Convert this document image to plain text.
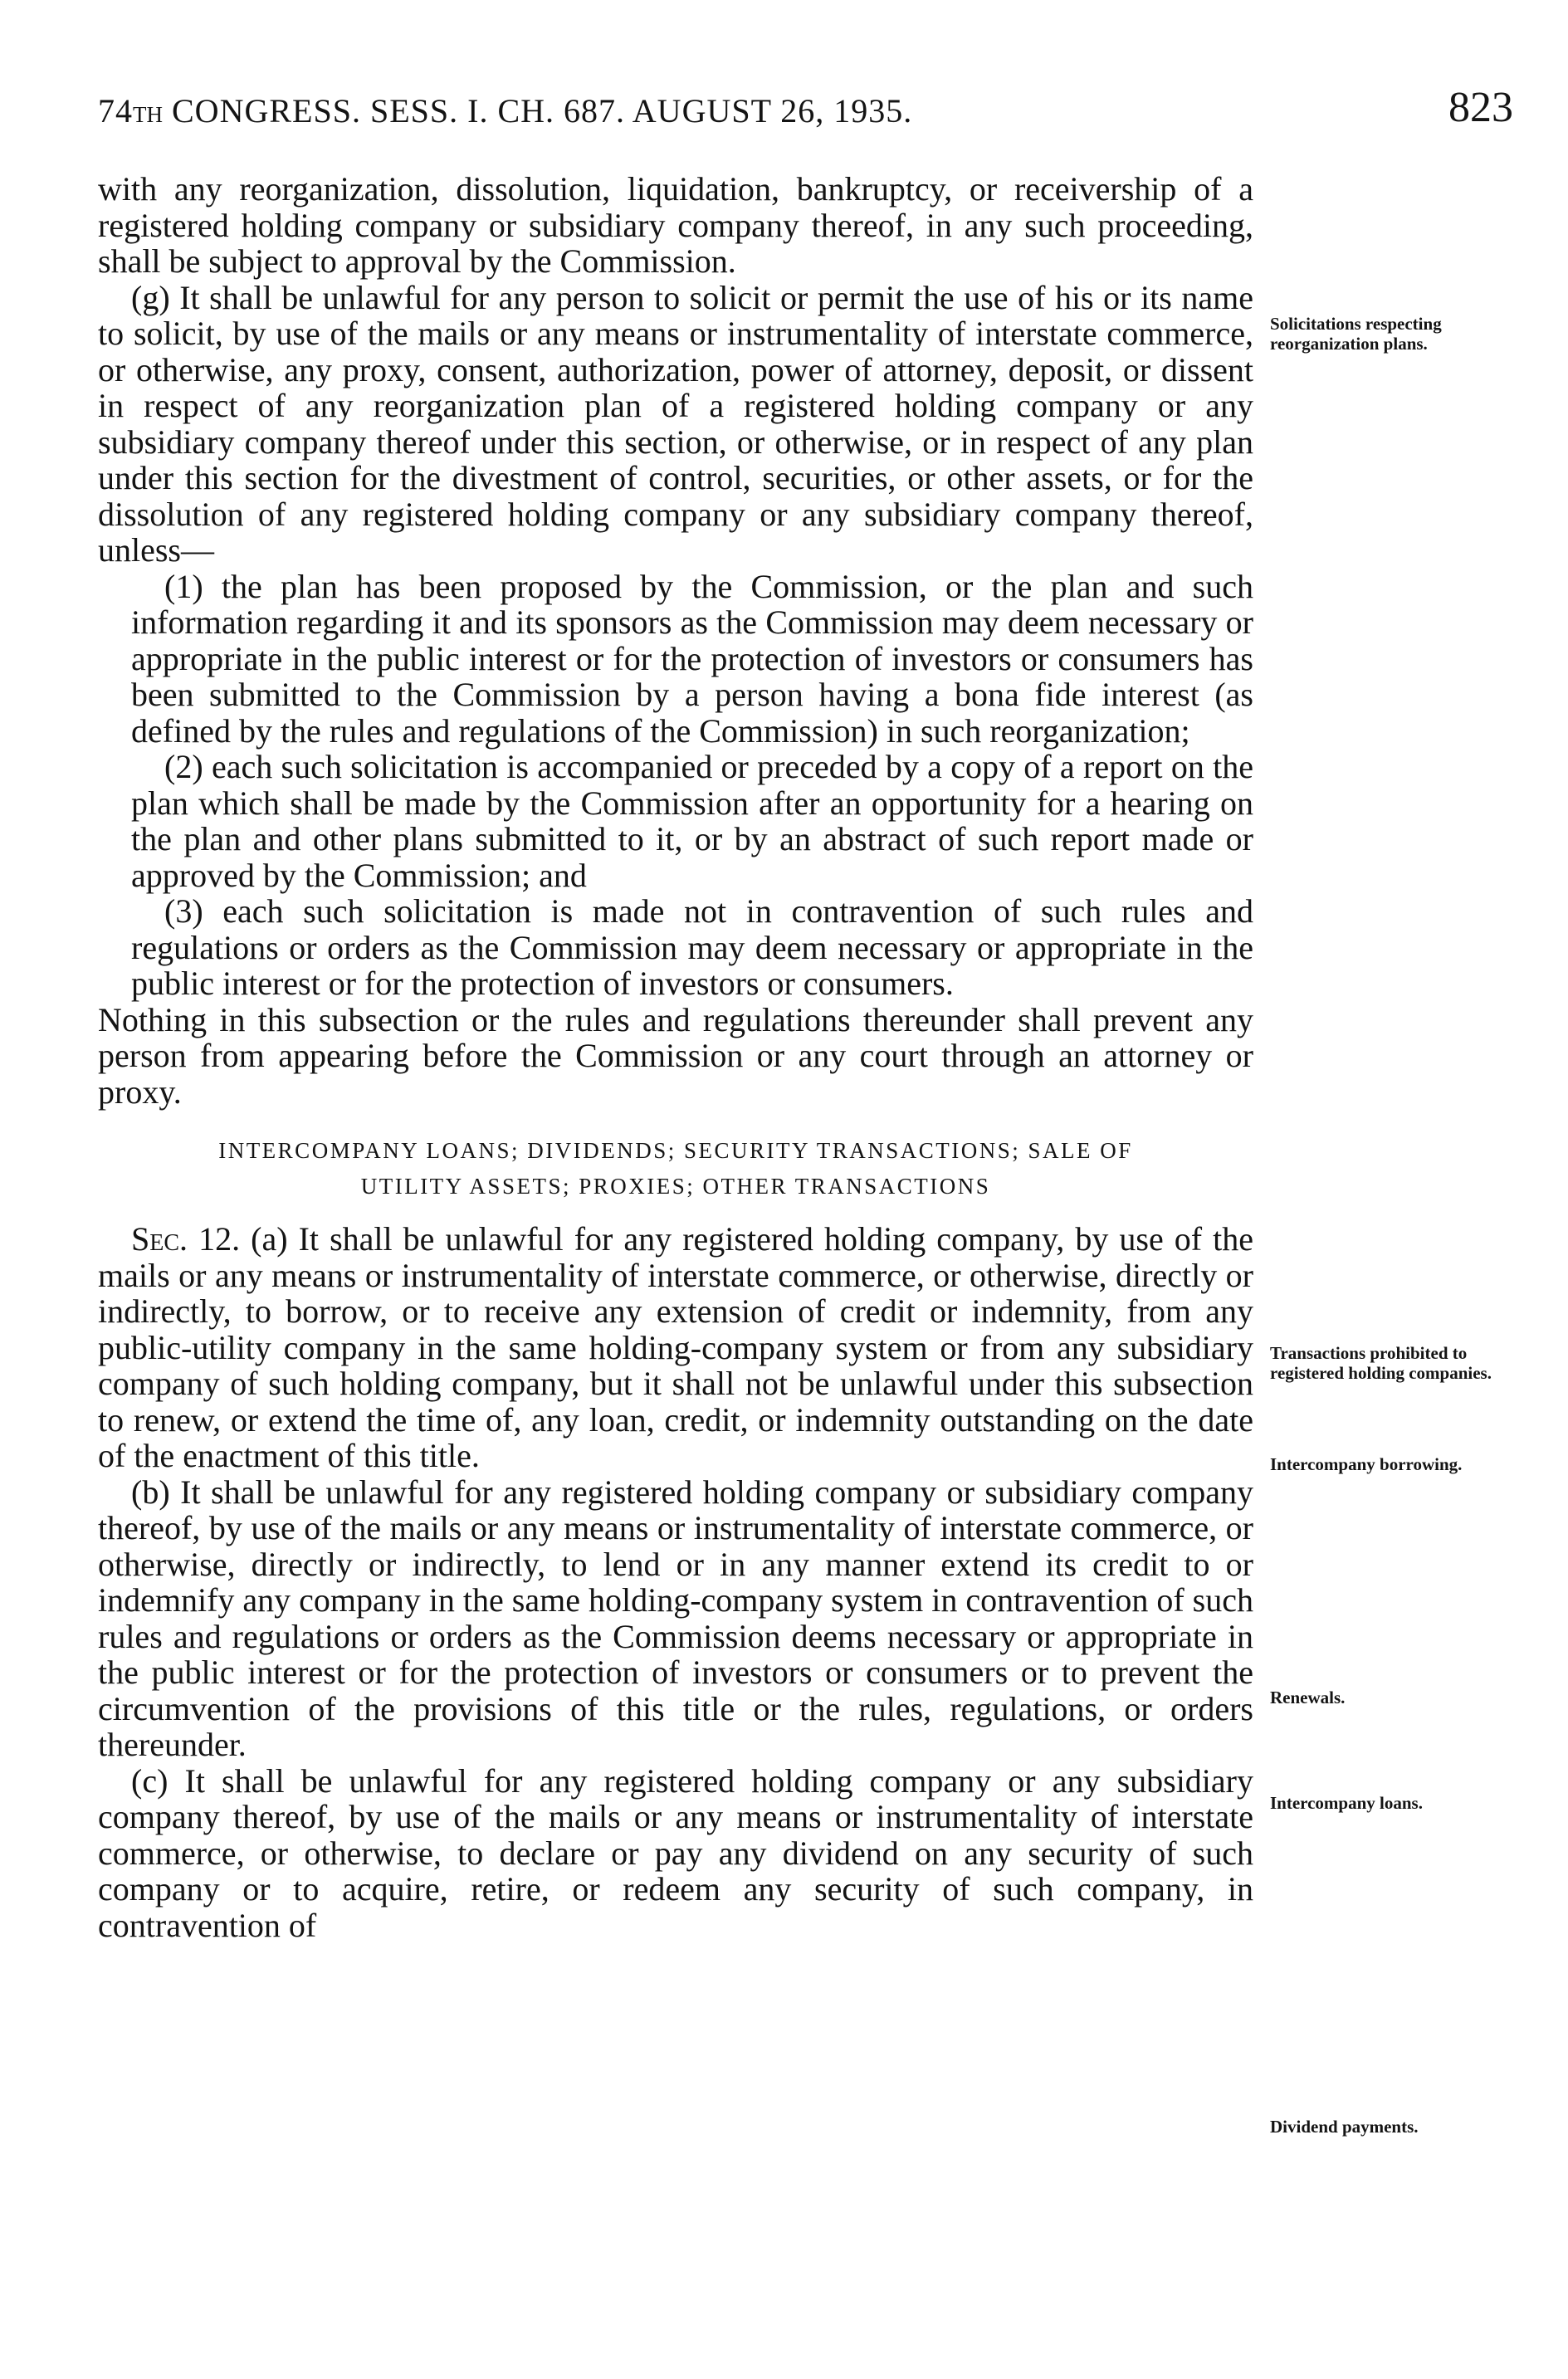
74TH CONGRESS. SESS. I. CH. 687. AUGUST 26, 1935.	823

with any reorganization, dissolution, liquidation, bankruptcy, or receivership of a registered holding company or subsidiary company thereof, in any such proceeding, shall be subject to approval by the Commission.

(g) It shall be unlawful for any person to solicit or permit the use of his or its name to solicit, by use of the mails or any means or instrumentality of interstate commerce, or otherwise, any proxy, consent, authorization, power of attorney, deposit, or dissent in respect of any reorganization plan of a registered holding company or any subsidiary company thereof under this section, or otherwise, or in respect of any plan under this section for the divestment of control, securities, or other assets, or for the dissolution of any registered holding company or any subsidiary company thereof, unless—

(1) the plan has been proposed by the Commission, or the plan and such information regarding it and its sponsors as the Commission may deem necessary or appropriate in the public interest or for the protection of investors or consumers has been submitted to the Commission by a person having a bona fide interest (as defined by the rules and regulations of the Commission) in such reorganization;

(2) each such solicitation is accompanied or preceded by a copy of a report on the plan which shall be made by the Commission after an opportunity for a hearing on the plan and other plans submitted to it, or by an abstract of such report made or approved by the Commission; and

(3) each such solicitation is made not in contravention of such rules and regulations or orders as the Commission may deem necessary or appropriate in the public interest or for the protection of investors or consumers.

Nothing in this subsection or the rules and regulations thereunder shall prevent any person from appearing before the Commission or any court through an attorney or proxy.

INTERCOMPANY LOANS; DIVIDENDS; SECURITY TRANSACTIONS; SALE OF
UTILITY ASSETS; PROXIES; OTHER TRANSACTIONS

Sec. 12. (a) It shall be unlawful for any registered holding company, by use of the mails or any means or instrumentality of interstate commerce, or otherwise, directly or indirectly, to borrow, or to receive any extension of credit or indemnity, from any public-utility company in the same holding-company system or from any subsidiary company of such holding company, but it shall not be unlawful under this subsection to renew, or extend the time of, any loan, credit, or indemnity outstanding on the date of the enactment of this title.

(b) It shall be unlawful for any registered holding company or subsidiary company thereof, by use of the mails or any means or instrumentality of interstate commerce, or otherwise, directly or indirectly, to lend or in any manner extend its credit to or indemnify any company in the same holding-company system in contravention of such rules and regulations or orders as the Commission deems necessary or appropriate in the public interest or for the protection of investors or consumers or to prevent the circumvention of the provisions of this title or the rules, regulations, or orders thereunder.

(c) It shall be unlawful for any registered holding company or any subsidiary company thereof, by use of the mails or any means or instrumentality of interstate commerce, or otherwise, to declare or pay any dividend on any security of such company or to acquire, retire, or redeem any security of such company, in contravention of

Solicitations respecting reorganization plans.
Transactions prohibited to registered holding companies.
Intercompany borrowing.
Renewals.
Intercompany loans.
Dividend payments.
